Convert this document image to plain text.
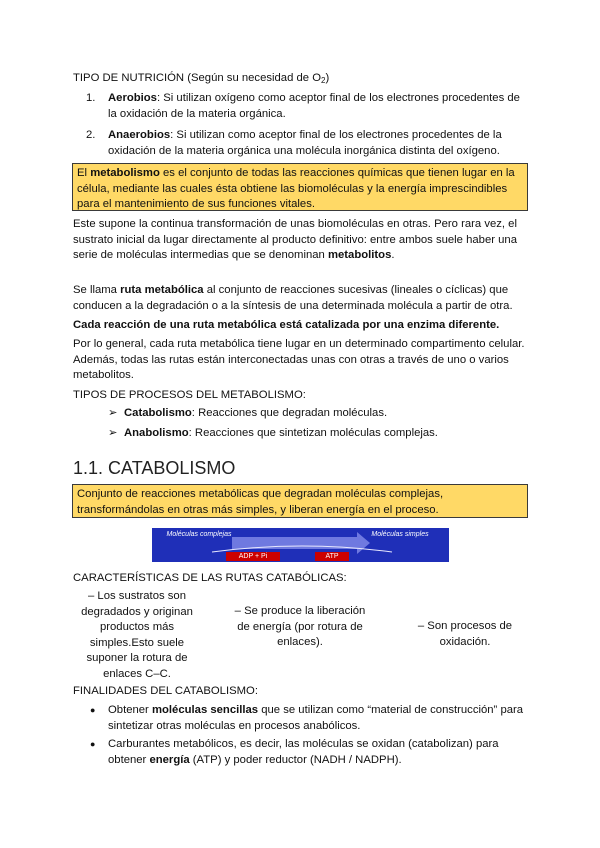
TIPO DE NUTRICIÓN (Según su necesidad de $O_2$)
1. Aerobios: Si utilizan oxígeno como aceptor final de los electrones procedentes de la oxidación de la materia orgánica.
2. Anaerobios: Si utilizan como aceptor final de los electrones procedentes de la oxidación de la materia orgánica una molécula inorgánica distinta del oxígeno.
El metabolismo es el conjunto de todas las reacciones químicas que tienen lugar en la célula, mediante las cuales ésta obtiene las biomoléculas y la energía imprescindibles para el mantenimiento de sus funciones vitales.
Este supone la continua transformación de unas biomoléculas en otras. Pero rara vez, el sustrato inicial da lugar directamente al producto definitivo: entre ambos suele haber una serie de moléculas intermedias que se denominan metabolitos.
Se llama ruta metabólica al conjunto de reacciones sucesivas (lineales o cíclicas) que conducen a la degradación o a la síntesis de una determinada molécula a partir de otra.
Cada reacción de una ruta metabólica está catalizada por una enzima diferente.
Por lo general, cada ruta metabólica tiene lugar en un determinado compartimento celular. Además, todas las rutas están interconectadas unas con otras a través de uno o varios metabolitos.
TIPOS DE PROCESOS DEL METABOLISMO:
➢ Catabolismo: Reacciones que degradan moléculas.
➢ Anabolismo: Reacciones que sintetizan moléculas complejas.
1.1. CATABOLISMO
Conjunto de reacciones metabólicas que degradan moléculas complejas, transformándolas en otras más simples, y liberan energía en el proceso.
Moléculas complejas	Moléculas simples
ADP + Pi	ATP
CARACTERÍSTICAS DE LAS RUTAS CATABÓLICAS:
– Los sustratos son degradados y originan productos más simples.Esto suele suponer la rotura de enlaces C–C.
– Se produce la liberación de energía (por rotura de enlaces).
– Son procesos de oxidación.
FINALIDADES DEL CATABOLISMO:
● Obtener moléculas sencillas que se utilizan como “material de construcción” para sintetizar otras moléculas en procesos anabólicos.
● Carburantes metabólicos, es decir, las moléculas se oxidan (catabolizan) para obtener energía (ATP) y poder reductor (NADH / NADPH).
